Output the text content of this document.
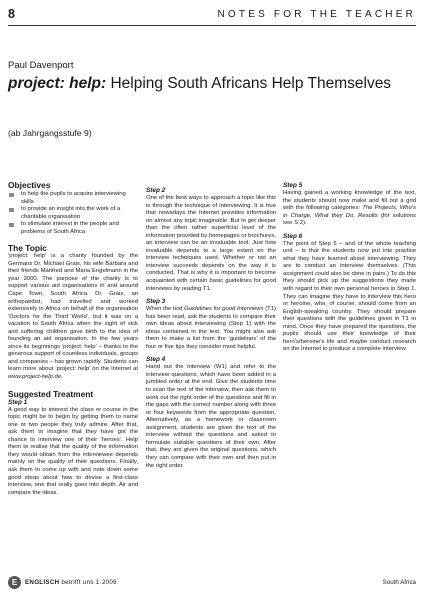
8	NOTES FOR THE TEACHER
Paul Davenport
project: help: Helping South Africans Help Themselves
(ab Jahrgangsstufe 9)
Objectives
to help the pupils to acquire interviewing skills
to provide an insight into the work of a charitable organisation
to stimulate interest in the people and problems of South Africa
The Topic

‘project: help’ is a charity founded by the Germans Dr. Michael Grais, his wife Barbara and their friends Manfred and Maria Engelmann in the year 2000. The purpose of the charity is to support various aid organisations in and around Cape Town, South Africa. Dr. Grais, an orthopaedist, had travelled and worked extensively in Africa on behalf of the organisation ‘Doctors for the Third World’, but it was on a vacation to South Africa when the sight of sick and suffering children gave birth to the idea of founding an aid organisation. In the few years since its beginnings ‘project: help’ – thanks to the generous support of countless individuals, groups and companies – has grown rapidly. Students can learn more about ‘project: help’ on the Internet at www.project-help.de.

Suggested Treatment
Step 1

A good way to interest the class or course in the topic might be to begin by getting them to name one or two people they truly admire. After that, ask them to imagine that they have got the chance to interview one of their ‘heroes’. Help them to realise that the quality of the information they would obtain from the interviewee depends mainly on the quality of their questions. Finally, ask them to come up with and note down some good ideas about how to devise a first-class interview, one that really goes into depth. Air and compare the ideas.

Step 2

One of the best ways to approach a topic like this is through the technique of interviewing. It is true that nowadays the Internet provides information on almost any topic imaginable. But to get deeper than the often rather superficial level of the information provided by homepages or brochures, an interview can be an invaluable tool. Just how invaluable depends to a large extent on the interview techniques used. Whether or not an interview succeeds depends on the way it is conducted. That is why it is important to become acquainted with certain basic guidelines for good interviews by reading T1.

Step 3

When the text Guidelines for good Interviews (T1) has been read, ask the students to compare their own ideas about interviewing (Step 1) with the ideas contained in the text. You might also ask them to make a list from the ‘guidelines’ of the four or five tips they consider most helpful.

Step 4

Hand out the interview (W1) and refer to the interview questions, which have been added in a jumbled order at the end. Give the students time to scan the text of the interview, then ask them to work out the right order of the questions and fill in the gaps with the correct number along with three or four keywords from the appropriate question. Alternatively, as a homework or classroom assignment, students are given the text of the interview without the questions and asked to formulate suitable questions of their own. After that, they are given the original questions, which they can compare with their own and then put in the right order.

Step 5

Having gained a working knowledge of the text, the students should now make and fill out a grid with the following categories: The Projects, Who’s in Charge, What they Do, Results (for solutions see S 2).

Step 6

The point of Step 5 – and of the whole teaching unit – is that the students now put into practice what they have learned about interviewing. They are to conduct an interview themselves. (This assignment could also be done in pairs.) To do this they should pick up the suggestions they made with regard to their own personal heroes in Step 1. They can imagine they have to interview this hero or heroine, who, of course, should come from an English-speaking country. They should prepare their questions with the guidelines given in T1 in mind. Once they have prepared the questions, the pupils should use their knowledge of their hero’s/heroine’s life and maybe conduct research on the Internet to produce a complete interview.

E	ENGLISCH betrifft uns 1·2006	South Africa
